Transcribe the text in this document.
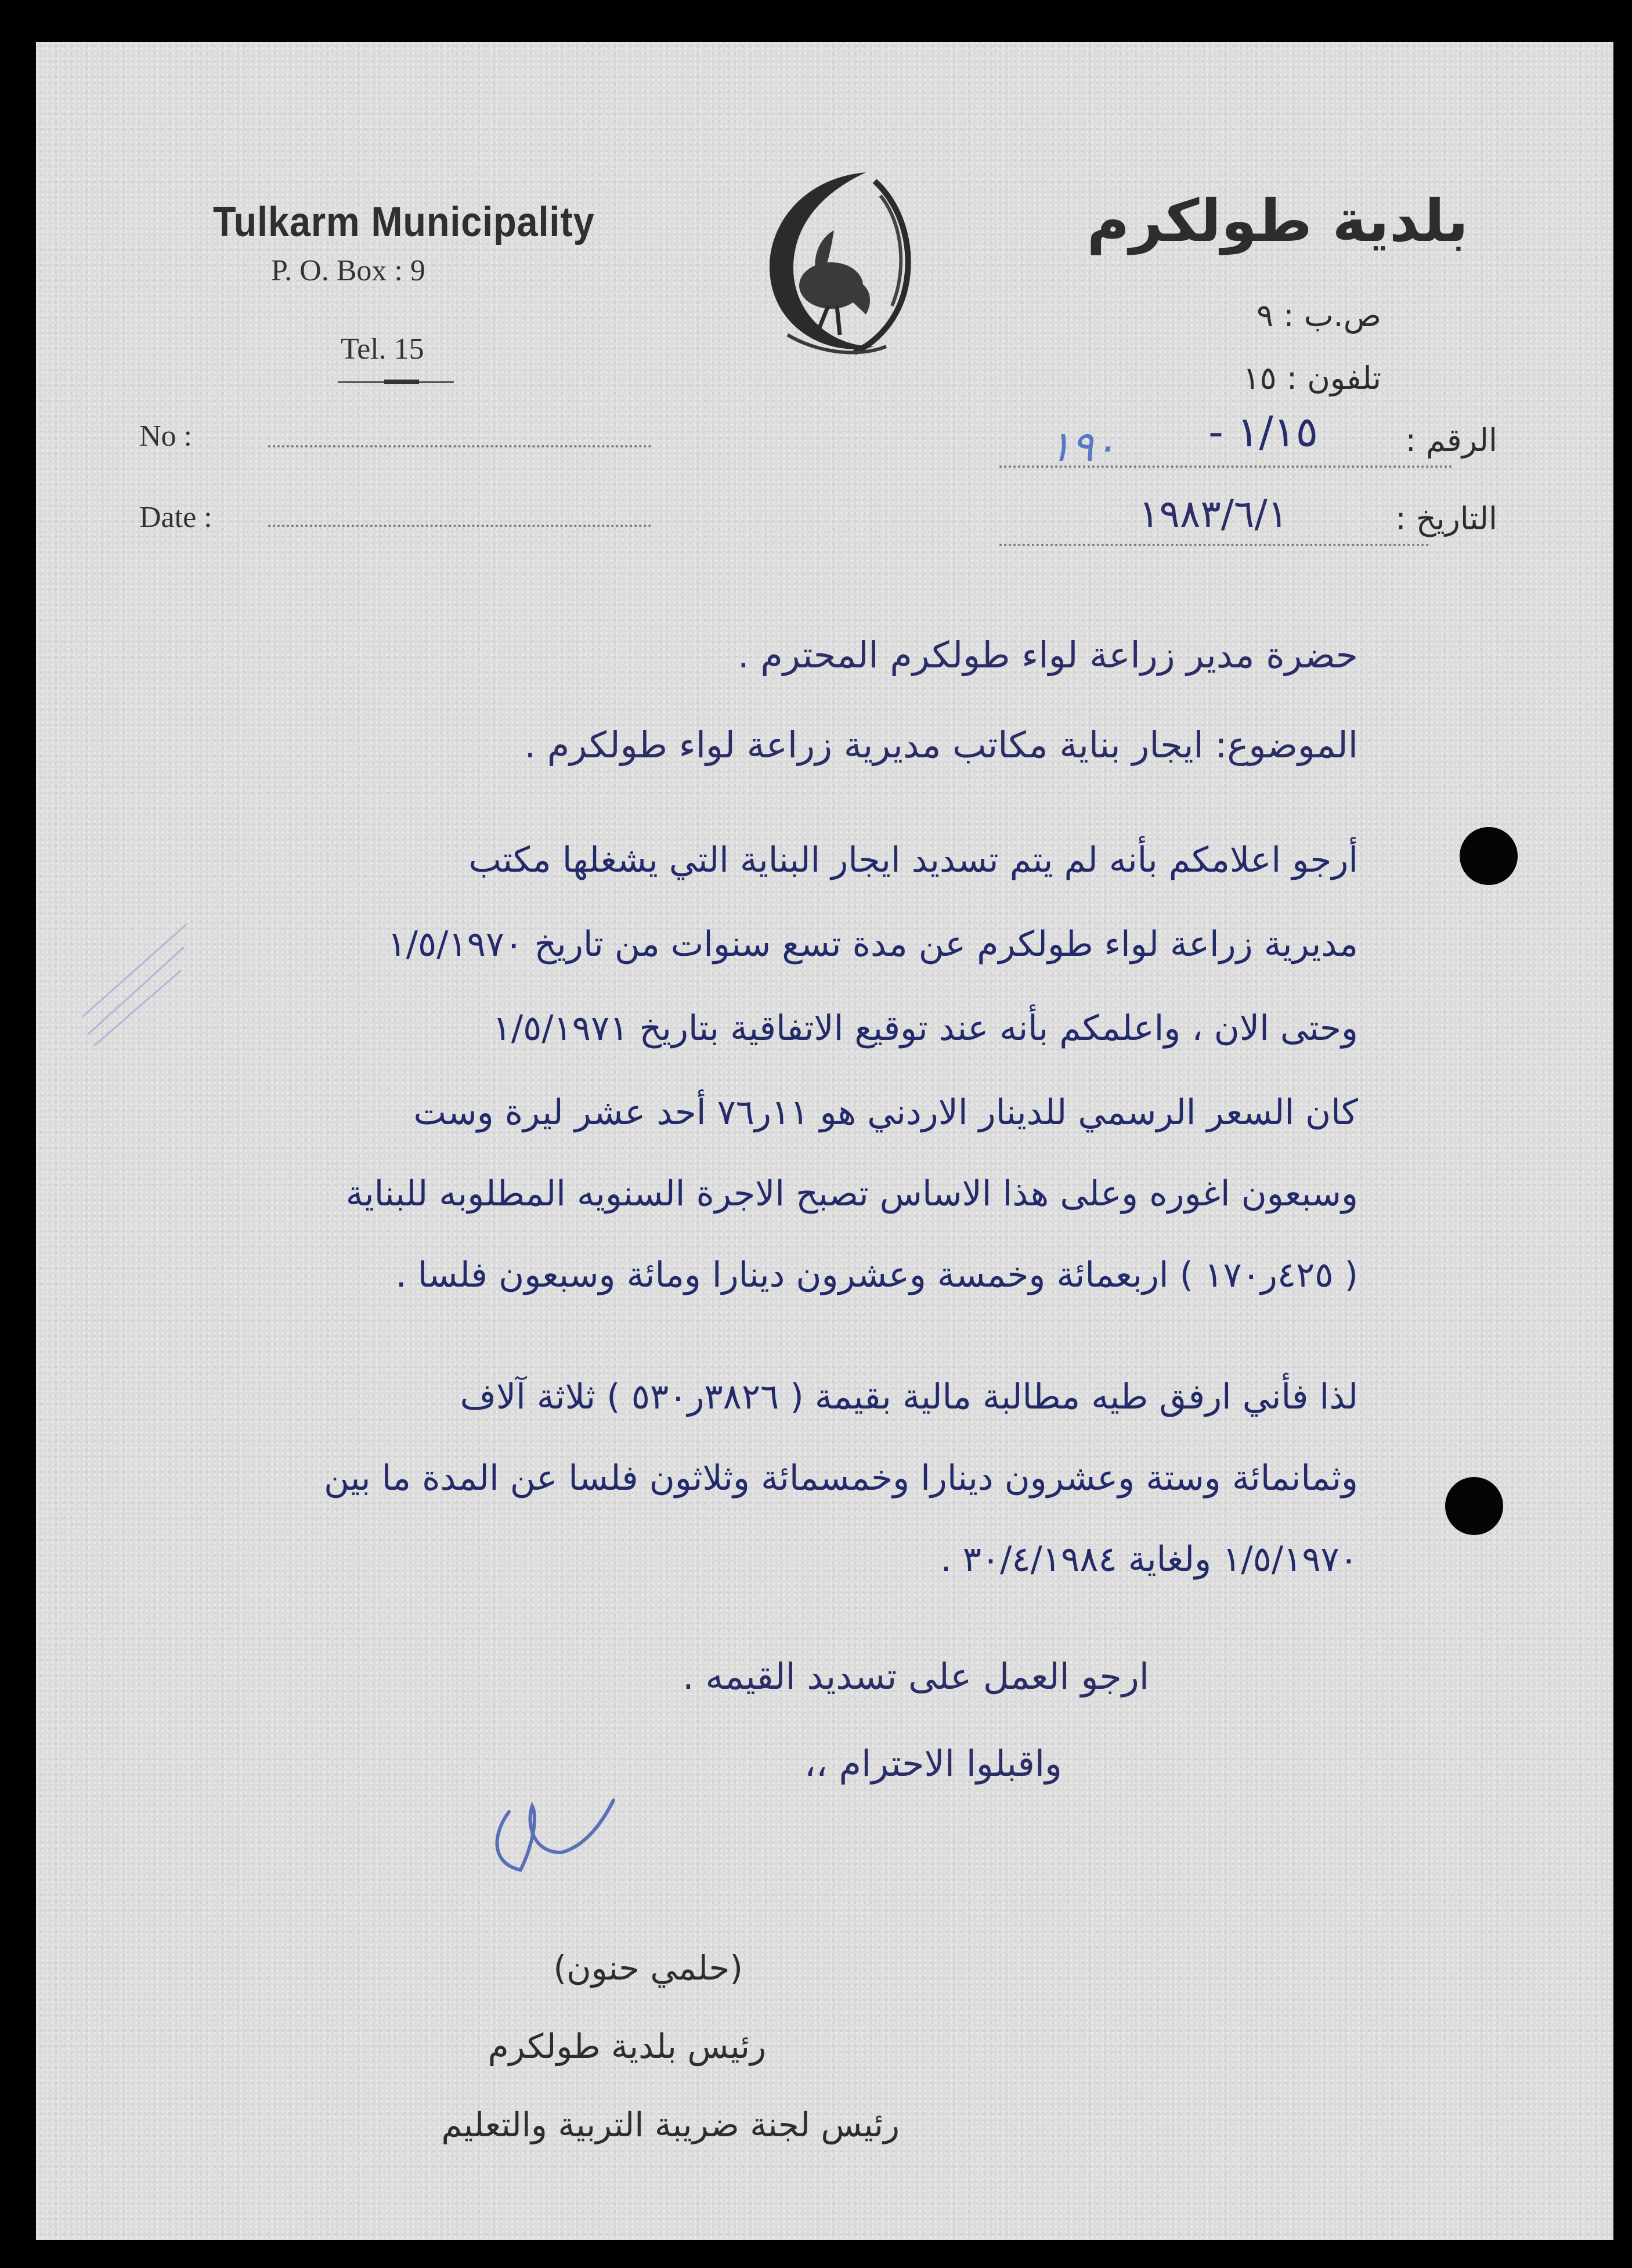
Tulkarm Municipality
P. O. Box : 9
Tel. 15
No :
Date :
بلدية طولكرم
ص.ب : ٩
تلفون : ١٥
الرقم :
١٩٠ ١/١٥ -
التاريخ :
١٩٨٣/٦/١
حضرة مدير زراعة لواء طولكرم المحترم .
الموضوع: ايجار بناية مكاتب مديرية زراعة لواء طولكرم .
أرجو اعلامكم بأنه لم يتم تسديد ايجار البناية التي يشغلها مكتب
مديرية زراعة لواء طولكرم عن مدة تسع سنوات من تاريخ ١/٥/١٩٧٠
وحتى الان ، واعلمكم بأنه عند توقيع الاتفاقية بتاريخ ١/٥/١٩٧١
كان السعر الرسمي للدينار الاردني هو ١١ر٧٦ أحد عشر ليرة وست
وسبعون اغوره وعلى هذا الاساس تصبح الاجرة السنويه المطلوبه للبناية
( ٤٢٥ر١٧٠ ) اربعمائة وخمسة وعشرون دينارا ومائة وسبعون فلسا .
لذا فأني ارفق طيه مطالبة مالية بقيمة ( ٣٨٢٦ر٥٣٠ ) ثلاثة آلاف
وثمانمائة وستة وعشرون دينارا وخمسمائة وثلاثون فلسا عن المدة ما بين
١/٥/١٩٧٠ ولغاية ٣٠/٤/١٩٨٤ .
ارجو العمل على تسديد القيمه .
واقبلوا الاحترام ،،
(حلمي حنون)
رئيس بلدية طولكرم
رئيس لجنة ضريبة التربية والتعليم
